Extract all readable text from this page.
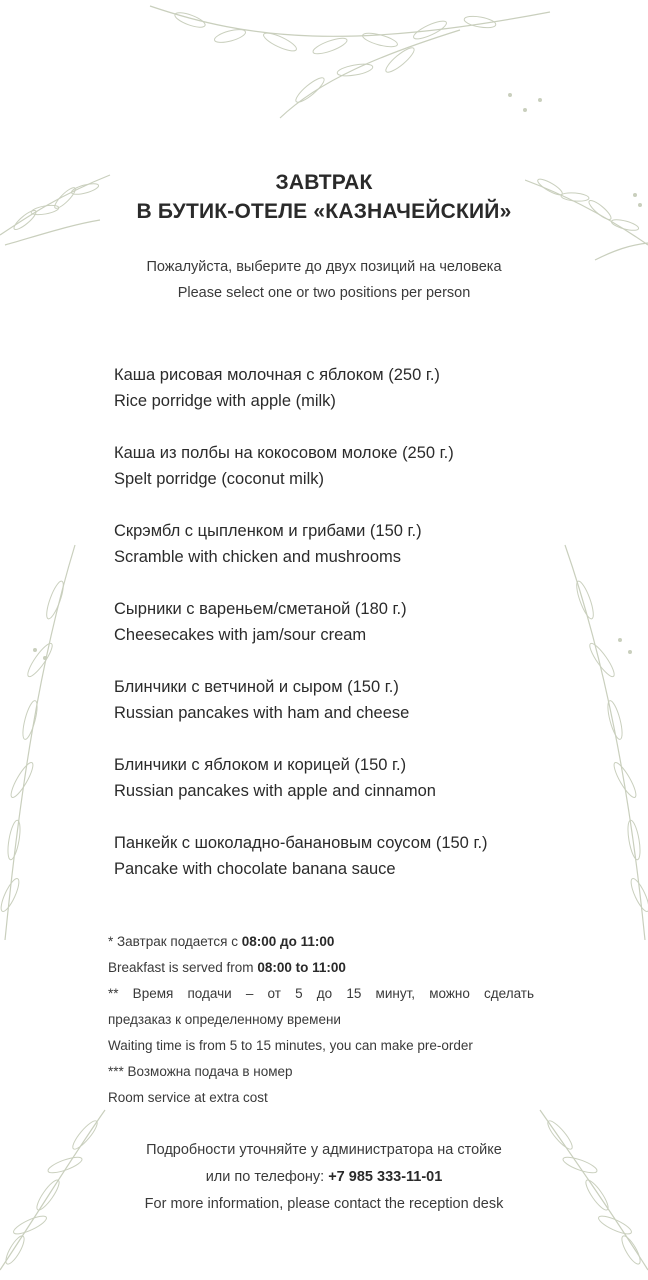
ЗАВТРАК
В БУТИК-ОТЕЛЕ «КАЗНАЧЕЙСКИЙ»
Пожалуйста, выберите до двух позиций на человека
Please select one or two positions per person
Каша рисовая молочная с яблоком (250 г.)
Rice porridge with apple (milk)
Каша из полбы на кокосовом молоке (250 г.)
Spelt porridge (coconut milk)
Скрэмбл с цыпленком и грибами (150 г.)
Scramble with chicken and mushrooms
Сырники с вареньем/сметаной (180 г.)
Cheesecakes with jam/sour cream
Блинчики с ветчиной и сыром (150 г.)
Russian pancakes with ham and cheese
Блинчики с яблоком и корицей (150 г.)
Russian pancakes with apple and cinnamon
Панкейк с шоколадно-банановым соусом (150 г.)
Pancake with chocolate banana sauce
* Завтрак подается с 08:00 до 11:00
Breakfast is served from 08:00 to 11:00
** Время подачи – от 5 до 15 минут, можно сделать
предзаказ к определенному времени
Waiting time is from 5 to 15 minutes, you can make pre-order
*** Возможна подача в номер
Room service at extra cost
Подробности уточняйте у администратора на стойке
или по телефону: +7 985 333-11-01
For more information, please contact the reception desk
